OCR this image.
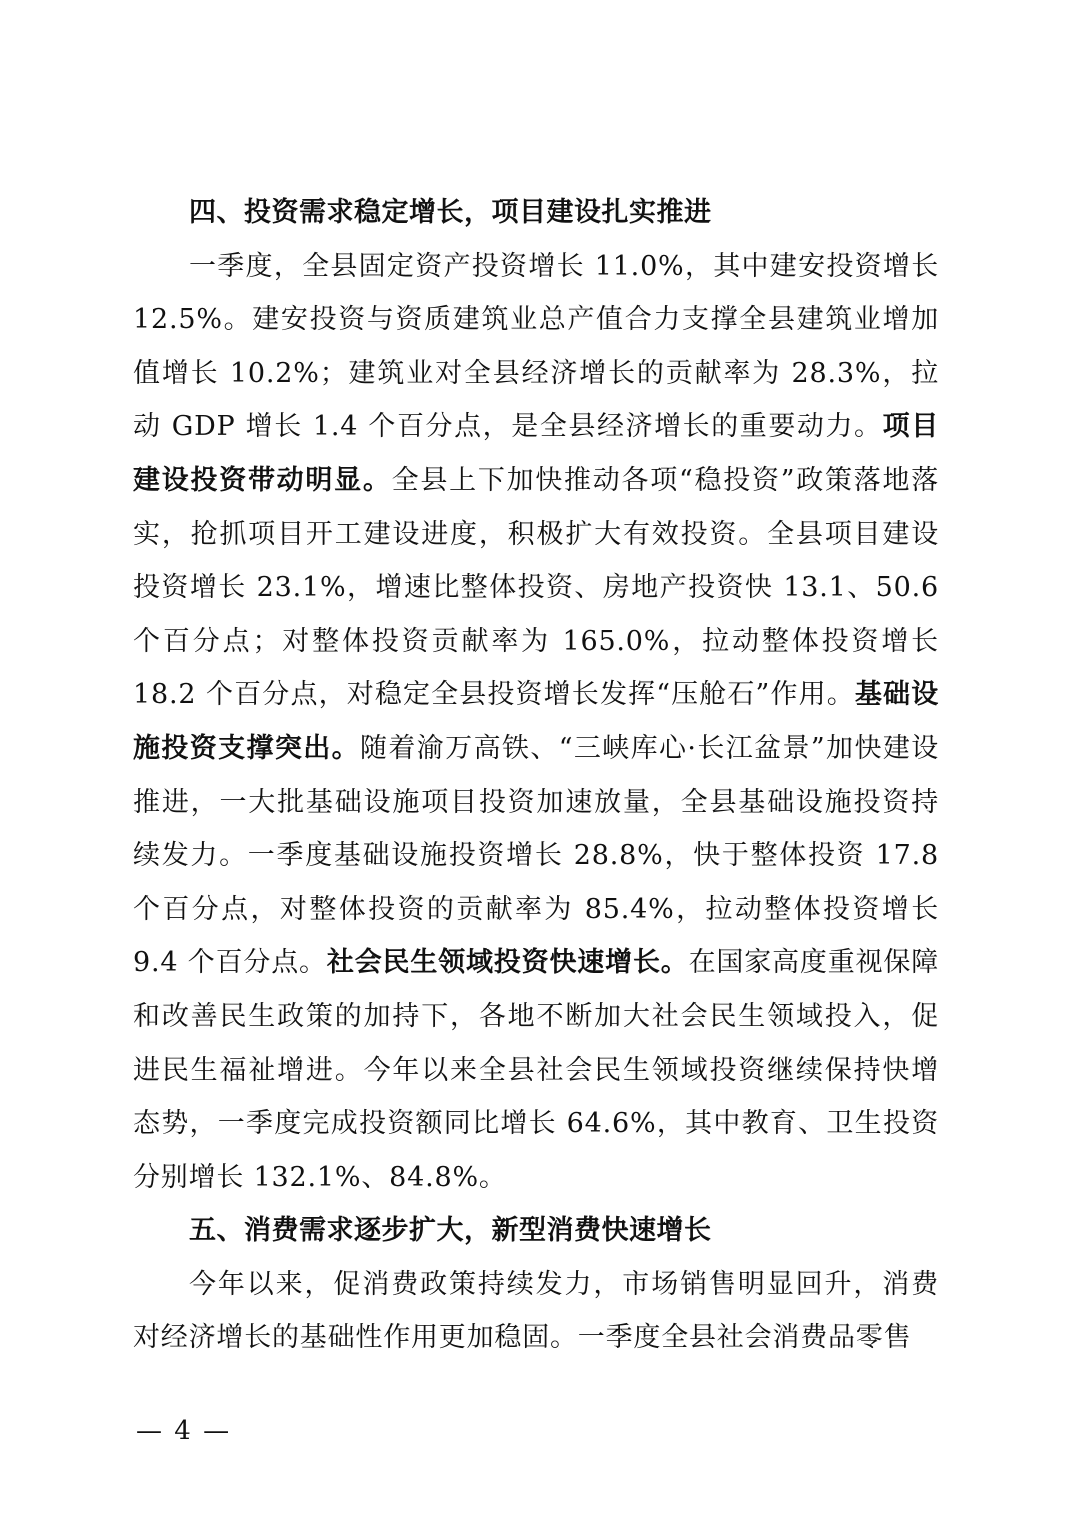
四、投资需求稳定增长，项目建设扎实推进

一季度，全县固定资产投资增长 11.0%，其中建安投资增长 12.5%。建安投资与资质建筑业总产值合力支撑全县建筑业增加值增长 10.2%；建筑业对全县经济增长的贡献率为 28.3%，拉动 GDP 增长 1.4 个百分点，是全县经济增长的重要动力。项目建设投资带动明显。全县上下加快推动各项“稳投资”政策落地落实，抢抓项目开工建设进度，积极扩大有效投资。全县项目建设投资增长 23.1%，增速比整体投资、房地产投资快 13.1、50.6 个百分点；对整体投资贡献率为 165.0%，拉动整体投资增长 18.2 个百分点，对稳定全县投资增长发挥“压舱石”作用。基础设施投资支撑突出。随着渝万高铁、“三峡库心·长江盆景”加快建设推进，一大批基础设施项目投资加速放量，全县基础设施投资持续发力。一季度基础设施投资增长 28.8%，快于整体投资 17.8 个百分点，对整体投资的贡献率为 85.4%，拉动整体投资增长 9.4 个百分点。社会民生领域投资快速增长。在国家高度重视保障和改善民生政策的加持下，各地不断加大社会民生领域投入，促进民生福祉增进。今年以来全县社会民生领域投资继续保持快增态势，一季度完成投资额同比增长 64.6%，其中教育、卫生投资分别增长 132.1%、84.8%。

五、消费需求逐步扩大，新型消费快速增长

今年以来，促消费政策持续发力，市场销售明显回升，消费对经济增长的基础性作用更加稳固。一季度全县社会消费品零售

— 4 —
